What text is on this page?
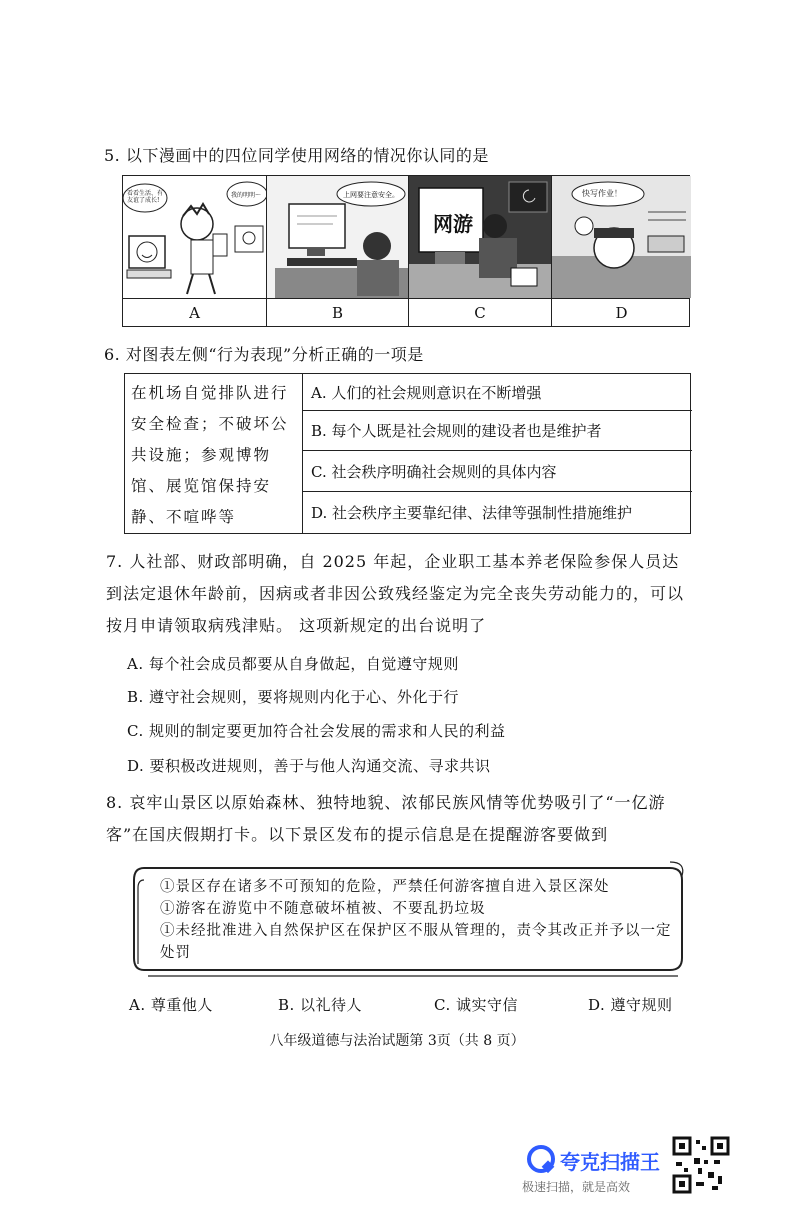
5. 以下漫画中的四位同学使用网络的情况你认同的是
看看生活、有友谊了成长!
我的明明～	上网要注意安全。
网游
快写作业！
A	B	C	D
6. 对图表左侧“行为表现”分析正确的一项是
在机场自觉排队进行安全检查；不破坏公共设施；参观博物馆、展览馆保持安静、不喧哗等
A. 人们的社会规则意识在不断增强
B. 每个人既是社会规则的建设者也是维护者
C. 社会秩序明确社会规则的具体内容
D. 社会秩序主要靠纪律、法律等强制性措施维护
7. 人社部、财政部明确，自 2025 年起，企业职工基本养老保险参保人员达到法定退休年龄前，因病或者非因公致残经鉴定为完全丧失劳动能力的，可以按月申请领取病残津贴。 这项新规定的出台说明了
A. 每个社会成员都要从自身做起，自觉遵守规则
B. 遵守社会规则，要将规则内化于心、外化于行
C. 规则的制定要更加符合社会发展的需求和人民的利益
D. 要积极改进规则，善于与他人沟通交流、寻求共识
8. 哀牢山景区以原始森林、独特地貌、浓郁民族风情等优势吸引了“一亿游客”在国庆假期打卡。以下景区发布的提示信息是在提醒游客要做到
①景区存在诸多不可预知的危险，严禁任何游客擅自进入景区深处
①游客在游览中不随意破坏植被、不要乱扔垃圾
①未经批准进入自然保护区在保护区不服从管理的，责令其改正并予以一定处罚
A. 尊重他人	B. 以礼待人	C. 诚实守信	D. 遵守规则
八年级道德与法治试题第 3页（共 8 页）
夸克扫描王
极速扫描，就是高效
